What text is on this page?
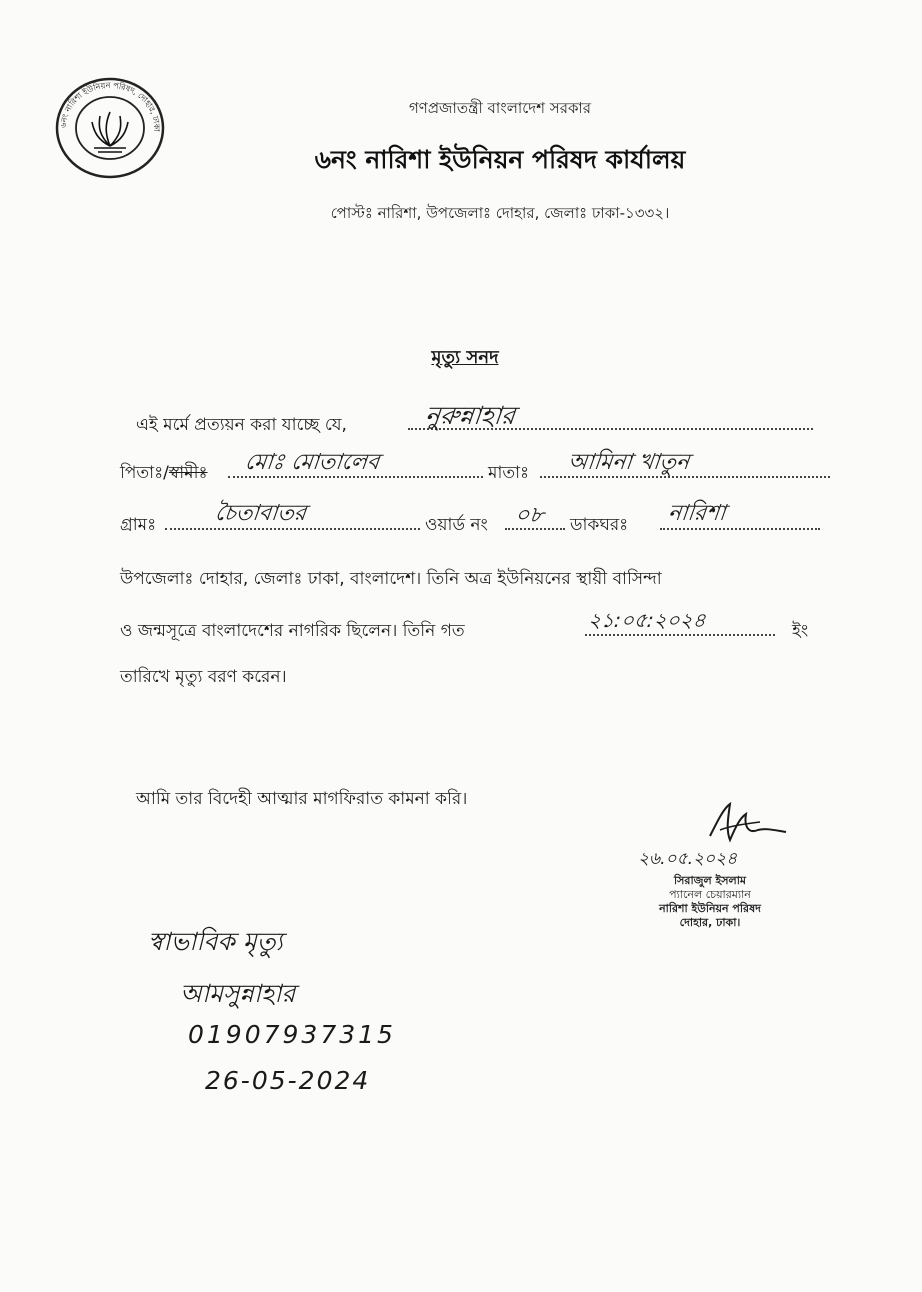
৬নং নারিশা ইউনিয়ন পরিষদ, দোহার, ঢাকা

গণপ্রজাতন্ত্রী বাংলাদেশ সরকার

৬নং নারিশা ইউনিয়ন পরিষদ কার্যালয়

পোস্টঃ নারিশা, উপজেলাঃ দোহার, জেলাঃ ঢাকা-১৩৩২।

মৃত্যু সনদ

এই মর্মে প্রত্যয়ন করা যাচ্ছে যে,	নুরুন্নাহার
পিতাঃ/স্বামীঃ মোঃ মোতালেব	মাতাঃ আমিনা খাতুন
গ্রামঃ	চৈতাবাতর	ওয়ার্ড নং ০৮ ডাকঘরঃ নারিশা
উপজেলাঃ দোহার, জেলাঃ ঢাকা, বাংলাদেশ। তিনি অত্র ইউনিয়নের স্থায়ী বাসিন্দা
ও জন্মসূত্রে বাংলাদেশের নাগরিক ছিলেন। তিনি গত	২১:০৫:২০২৪	ইং
তারিখে মৃত্যু বরণ করেন।
আমি তার বিদেহী আত্মার মাগফিরাত কামনা করি।
২৬.০৫.২০২৪
সিরাজুল ইসলাম
প্যানেল চেয়ারম্যান
নারিশা ইউনিয়ন পরিষদ
দোহার, ঢাকা।
স্বাভাবিক মৃত্যু
আমসুন্নাহার
01907937315
26-05-2024
